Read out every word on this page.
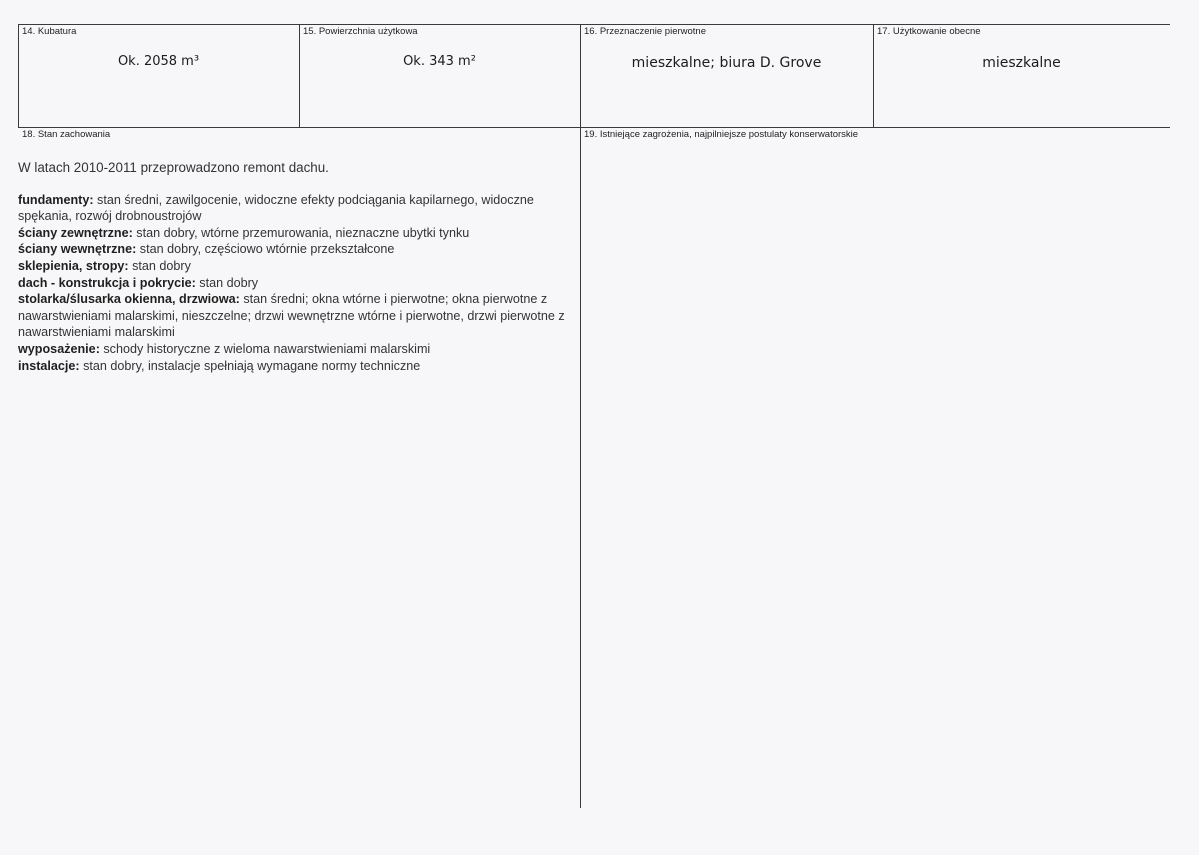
14. Kubatura
Ok. 2058 m³
15. Powierzchnia użytkowa
Ok. 343 m²
16. Przeznaczenie pierwotne
mieszkalne; biura D. Grove
17. Użytkowanie obecne
mieszkalne
18. Stan zachowania	19. Istniejące zagrożenia, najpilniejsze postulaty konserwatorskie

W latach 2010-2011 przeprowadzono remont dachu.

fundamenty: stan średni, zawilgocenie, widoczne efekty podciągania kapilarnego, widoczne spękania, rozwój drobnoustrojów

ściany zewnętrzne: stan dobry, wtórne przemurowania, nieznaczne ubytki tynku

ściany wewnętrzne: stan dobry, częściowo wtórnie przekształcone

sklepienia, stropy: stan dobry

dach - konstrukcja i pokrycie: stan dobry

stolarka/ślusarka okienna, drzwiowa: stan średni; okna wtórne i pierwotne; okna pierwotne z nawarstwieniami malarskimi, nieszczelne; drzwi wewnętrzne wtórne i pierwotne, drzwi pierwotne z nawarstwieniami malarskimi

wyposażenie: schody historyczne z wieloma nawarstwieniami malarskimi

instalacje: stan dobry, instalacje spełniają wymagane normy techniczne
